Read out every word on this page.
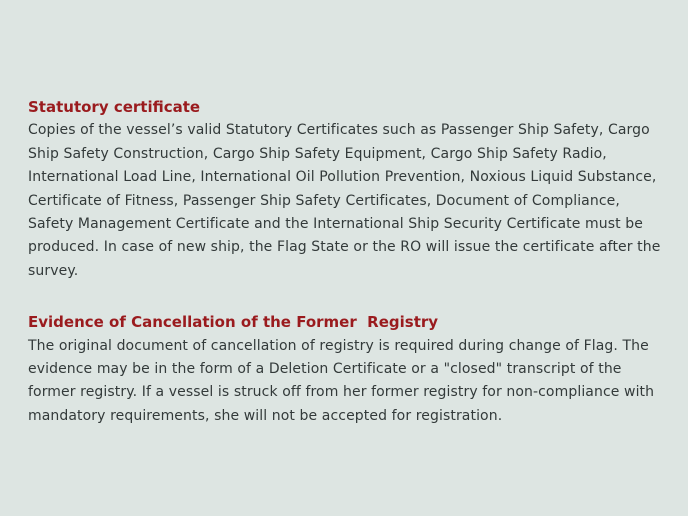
Statutory certificate

Copies of the vessel’s valid Statutory Certificates such as Passenger Ship Safety, Cargo Ship Safety Construction, Cargo Ship Safety Equipment, Cargo Ship Safety Radio, International Load Line, International Oil Pollution Prevention, Noxious Liquid Substance, Certificate of Fitness, Passenger Ship Safety Certificates, Document of Compliance, Safety Management Certificate and the International Ship Security Certificate must be produced. In case of new ship, the Flag State or the RO will issue the certificate after the survey.

Evidence of Cancellation of the Former  Registry

The original document of cancellation of registry is required during change of Flag. The evidence may be in the form of a Deletion Certificate or a "closed" transcript of the former registry. If a vessel is struck off from her former registry for non-compliance with mandatory requirements, she will not be accepted for registration.
